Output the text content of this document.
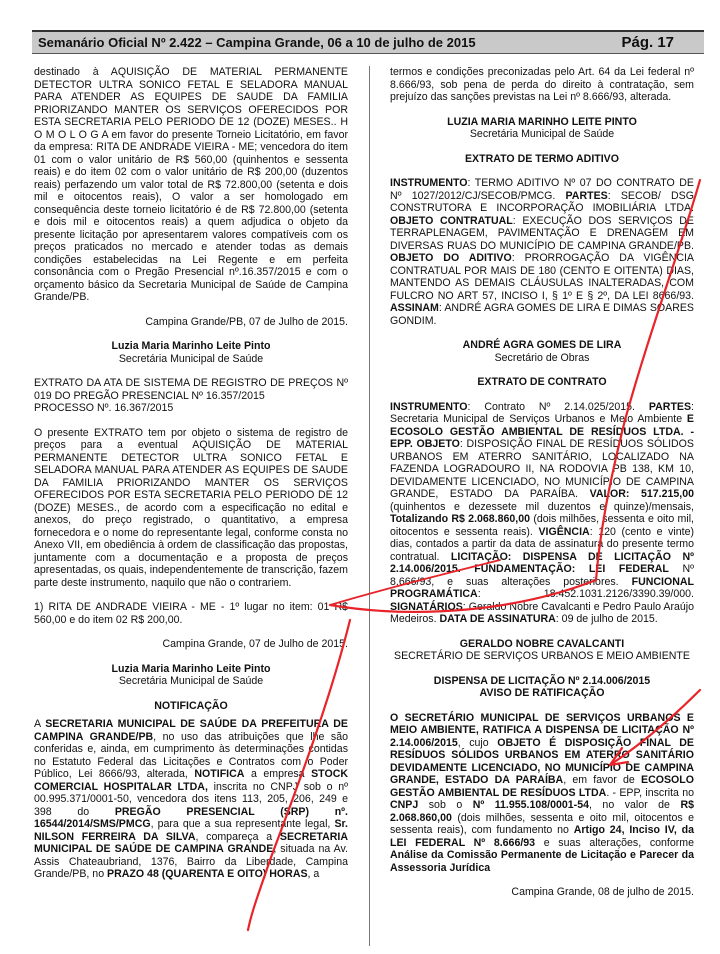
Semanário Oficial Nº 2.422 – Campina Grande, 06 a 10 de julho de 2015	Pág. 17

destinado à AQUISIÇÃO DE MATERIAL PERMANENTE DETECTOR ULTRA SONICO FETAL E SELADORA MANUAL PARA ATENDER AS EQUIPES DE SAUDE DA FAMILIA PRIORIZANDO MANTER OS SERVIÇOS OFERECIDOS POR ESTA SECRETARIA PELO PERIODO DE 12 (DOZE) MESES.. H O M O L O G A em favor do presente Torneio Licitatório, em favor da empresa: RITA DE ANDRADE VIEIRA - ME; vencedora do item 01 com o valor unitário de R$ 560,00 (quinhentos e sessenta reais) e do item 02 com o valor unitário de R$ 200,00 (duzentos reais) perfazendo um valor total de R$ 72.800,00 (setenta e dois mil e oitocentos reais), O valor a ser homologado em consequência deste torneio licitatório é de R$ 72.800,00 (setenta e dois mil e oitocentos reais) a quem adjudica o objeto da presente licitação por apresentarem valores compatíveis com os preços praticados no mercado e atender todas as demais condições estabelecidas na Lei Regente e em perfeita consonância com o Pregão Presencial nº.16.357/2015 e com o orçamento básico da Secretaria Municipal de Saúde de Campina Grande/PB.

Campina Grande/PB, 07 de Julho de 2015.

Luzia Maria Marinho Leite Pinto

Secretária Municipal de Saúde

EXTRATO DA ATA DE SISTEMA DE REGISTRO DE PREÇOS Nº 019 DO PREGÃO PRESENCIAL Nº 16.357/2015

PROCESSO Nº. 16.367/2015

O presente EXTRATO tem por objeto o sistema de registro de preços para a eventual AQUISIÇÃO DE MATERIAL PERMANENTE DETECTOR ULTRA SONICO FETAL E SELADORA MANUAL PARA ATENDER AS EQUIPES DE SAUDE DA FAMILIA PRIORIZANDO MANTER OS SERVIÇOS OFERECIDOS POR ESTA SECRETARIA PELO PERIODO DE 12 (DOZE) MESES., de acordo com a especificação no edital e anexos, do preço registrado, o quantitativo, a empresa fornecedora e o nome do representante legal, conforme consta no Anexo VII, em obediência à ordem de classificação das propostas, juntamente com a documentação e a proposta de preços apresentadas, os quais, independentemente de transcrição, fazem parte deste instrumento, naquilo que não o contrariem.

1) RITA DE ANDRADE VIEIRA - ME - 1º lugar no item: 01 R$ 560,00 e do item 02 R$ 200,00.

Campina Grande, 07 de Julho de 2015.

Luzia Maria Marinho Leite Pinto

Secretária Municipal de Saúde

NOTIFICAÇÃO

A SECRETARIA MUNICIPAL DE SAÚDE DA PREFEITURA DE CAMPINA GRANDE/PB, no uso das atribuições que lhe são conferidas e, ainda, em cumprimento às determinações contidas no Estatuto Federal das Licitações e Contratos com o Poder Público, Lei 8666/93, alterada, NOTIFICA a empresa STOCK COMERCIAL HOSPITALAR LTDA, inscrita no CNPJ sob o nº 00.995.371/0001-50, vencedora dos itens 113, 205, 206, 249 e 398 do PREGÃO PRESENCIAL (SRP) nº. 16544/2014/SMS/PMCG, para que a sua representante legal, Sr. NILSON FERREIRA DA SILVA, compareça a SECRETARIA MUNICIPAL DE SAÚDE DE CAMPINA GRANDE, situada na Av. Assis Chateaubriand, 1376, Bairro da Liberdade, Campina Grande/PB, no PRAZO 48 (QUARENTA E OITO) HORAS, a

termos e condições preconizadas pelo Art. 64 da Lei federal nº 8.666/93, sob pena de perda do direito à contratação, sem prejuízo das sanções previstas na Lei nº 8.666/93, alterada.

LUZIA MARIA MARINHO LEITE PINTO

Secretária Municipal de Saúde

EXTRATO DE TERMO ADITIVO

INSTRUMENTO: TERMO ADITIVO Nº 07 DO CONTRATO DE Nº 1027/2012/CJ/SECOB/PMCG. PARTES: SECOB/ DSG CONSTRUTORA E INCORPORAÇÃO IMOBILIÁRIA LTDA. OBJETO CONTRATUAL: EXECUÇÃO DOS SERVIÇOS DE TERRAPLENAGEM, PAVIMENTAÇÃO E DRENAGEM EM DIVERSAS RUAS DO MUNICÍPIO DE CAMPINA GRANDE/PB. OBJETO DO ADITIVO: PRORROGAÇÃO DA VIGÊNCIA CONTRATUAL POR MAIS DE 180 (CENTO E OITENTA) DIAS, MANTENDO AS DEMAIS CLÁUSULAS INALTERADAS, COM FULCRO NO ART 57, INCISO I, § 1º E § 2º, DA LEI 8666/93. ASSINAM: ANDRÉ AGRA GOMES DE LIRA E DIMAS SOARES GONDIM.

ANDRÉ AGRA GOMES DE LIRA

Secretário de Obras

EXTRATO DE CONTRATO

INSTRUMENTO: Contrato Nº 2.14.025/2015. PARTES: Secretaria Municipal de Serviços Urbanos e Meio Ambiente E ECOSOLO GESTÃO AMBIENTAL DE RESÍDUOS LTDA. - EPP. OBJETO: DISPOSIÇÃO FINAL DE RESÍDUOS SÓLIDOS URBANOS EM ATERRO SANITÁRIO, LOCALIZADO NA FAZENDA LOGRADOURO II, NA RODOVIA PB 138, KM 10, DEVIDAMENTE LICENCIADO, NO MUNICÍPIO DE CAMPINA GRANDE, ESTADO DA PARAÍBA. VALOR: 517.215,00 (quinhentos e dezessete mil duzentos e quinze)/mensais, Totalizando R$ 2.068.860,00 (dois milhões, sessenta e oito mil, oitocentos e sessenta reais). VIGÊNCIA: 120 (cento e vinte) dias, contados a partir da data de assinatura do presente termo contratual. LICITAÇÃO: DISPENSA DE LICITAÇÃO Nº 2.14.006/2015. FUNDAMENTAÇÃO: LEI FEDERAL Nº 8.666/93, e suas alterações posteriores. FUNCIONAL PROGRAMÁTICA: 18.452.1031.2126/3390.39/000. SIGNATÁRIOS: Geraldo Nobre Cavalcanti e Pedro Paulo Araújo Medeiros. DATA DE ASSINATURA: 09 de julho de 2015.

GERALDO NOBRE CAVALCANTI

SECRETÁRIO DE SERVIÇOS URBANOS E MEIO AMBIENTE

DISPENSA DE LICITAÇÃO Nº 2.14.006/2015

AVISO DE RATIFICAÇÃO

O SECRETÁRIO MUNICIPAL DE SERVIÇOS URBANOS E MEIO AMBIENTE, RATIFICA A DISPENSA DE LICITAÇÃO Nº 2.14.006/2015, cujo OBJETO É DISPOSIÇÃO FINAL DE RESÍDUOS SÓLIDOS URBANOS EM ATERRO SANITÁRIO DEVIDAMENTE LICENCIADO, NO MUNICÍPIO DE CAMPINA GRANDE, ESTADO DA PARAÍBA, em favor de ECOSOLO GESTÃO AMBIENTAL DE RESÍDUOS LTDA. - EPP, inscrita no CNPJ sob o Nº 11.955.108/0001-54, no valor de R$ 2.068.860,00 (dois milhões, sessenta e oito mil, oitocentos e sessenta reais), com fundamento no Artigo 24, Inciso IV, da LEI FEDERAL Nº 8.666/93 e suas alterações, conforme Análise da Comissão Permanente de Licitação e Parecer da Assessoria Jurídica

Campina Grande, 08 de julho de 2015.
